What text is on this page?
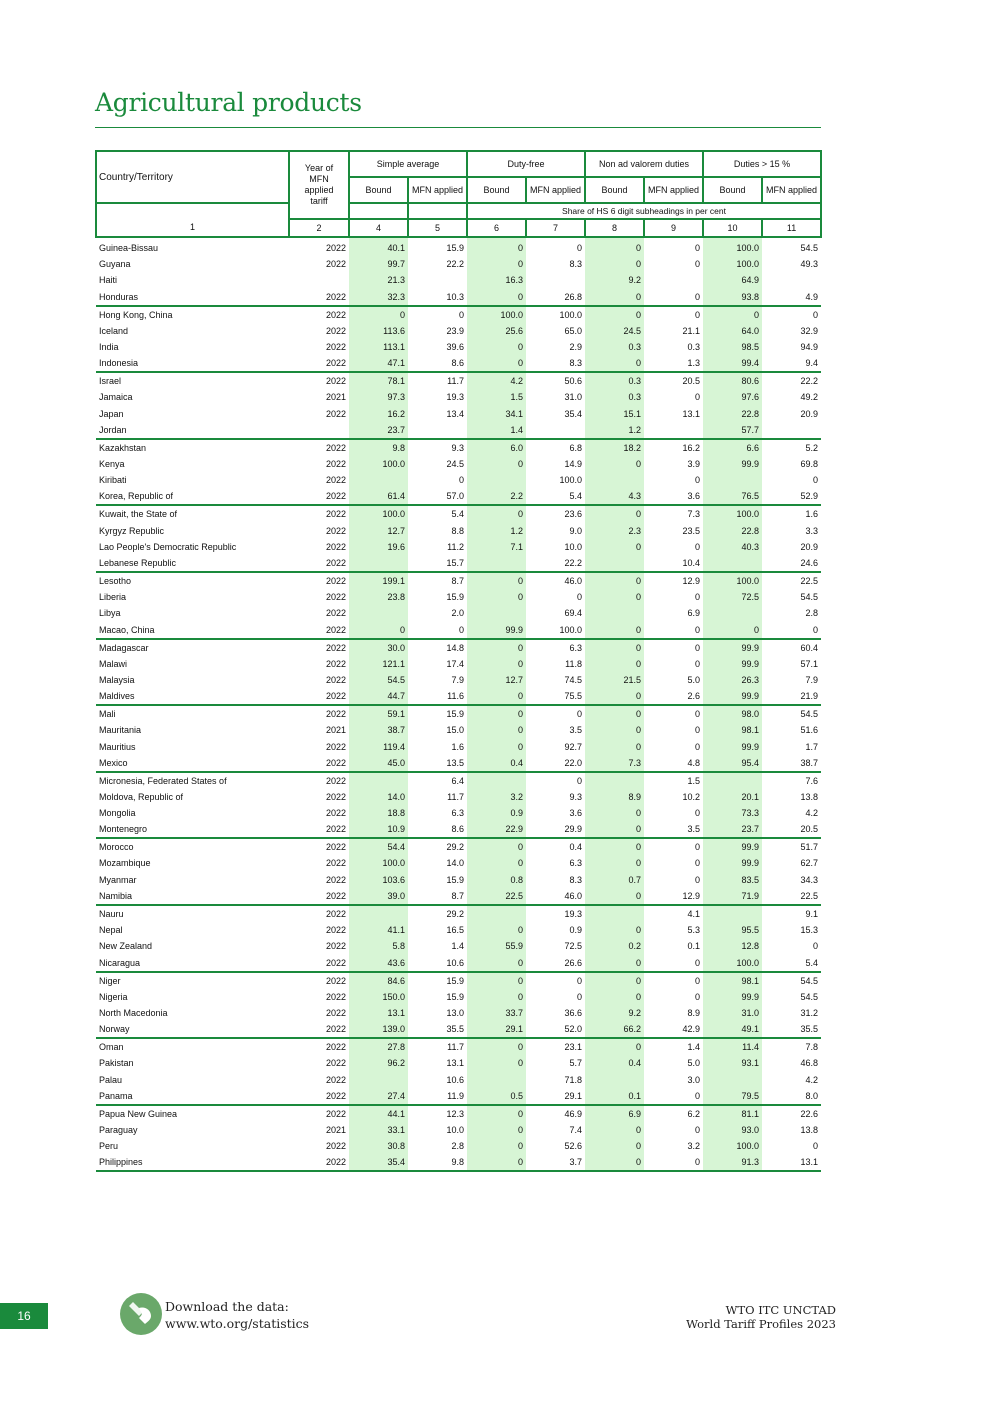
Agricultural products
Country/Territory	Year of MFN applied tariff	Simple average		Duty-free		Non ad valorem duties		Duties > 15 %	
		Bound	MFN applied	Bound	MFN applied	Bound	MFN applied	Bound	MFN applied
				Share of HS 6 digit subheadings in per cent					
1	2	4	5	6	7	8	9	10	11
Guinea-Bissau	2022	40.1	15.9	0	0	0	0	100.0	54.5
Guyana	2022	99.7	22.2	0	8.3	0	0	100.0	49.3
Haiti		21.3		16.3		9.2		64.9	
Honduras	2022	32.3	10.3	0	26.8	0	0	93.8	4.9
Hong Kong, China	2022	0	0	100.0	100.0	0	0	0	0
Iceland	2022	113.6	23.9	25.6	65.0	24.5	21.1	64.0	32.9
India	2022	113.1	39.6	0	2.9	0.3	0.3	98.5	94.9
Indonesia	2022	47.1	8.6	0	8.3	0	1.3	99.4	9.4
Israel	2022	78.1	11.7	4.2	50.6	0.3	20.5	80.6	22.2
Jamaica	2021	97.3	19.3	1.5	31.0	0.3	0	97.6	49.2
Japan	2022	16.2	13.4	34.1	35.4	15.1	13.1	22.8	20.9
Jordan		23.7		1.4		1.2		57.7	
Kazakhstan	2022	9.8	9.3	6.0	6.8	18.2	16.2	6.6	5.2
Kenya	2022	100.0	24.5	0	14.9	0	3.9	99.9	69.8
Kiribati	2022		0		100.0		0		0
Korea, Republic of	2022	61.4	57.0	2.2	5.4	4.3	3.6	76.5	52.9
Kuwait, the State of	2022	100.0	5.4	0	23.6	0	7.3	100.0	1.6
Kyrgyz Republic	2022	12.7	8.8	1.2	9.0	2.3	23.5	22.8	3.3
Lao People's Democratic Republic	2022	19.6	11.2	7.1	10.0	0	0	40.3	20.9
Lebanese Republic	2022		15.7		22.2		10.4		24.6
Lesotho	2022	199.1	8.7	0	46.0	0	12.9	100.0	22.5
Liberia	2022	23.8	15.9	0	0	0	0	72.5	54.5
Libya	2022		2.0		69.4		6.9		2.8
Macao, China	2022	0	0	99.9	100.0	0	0	0	0
Madagascar	2022	30.0	14.8	0	6.3	0	0	99.9	60.4
Malawi	2022	121.1	17.4	0	11.8	0	0	99.9	57.1
Malaysia	2022	54.5	7.9	12.7	74.5	21.5	5.0	26.3	7.9
Maldives	2022	44.7	11.6	0	75.5	0	2.6	99.9	21.9
Mali	2022	59.1	15.9	0	0	0	0	98.0	54.5
Mauritania	2021	38.7	15.0	0	3.5	0	0	98.1	51.6
Mauritius	2022	119.4	1.6	0	92.7	0	0	99.9	1.7
Mexico	2022	45.0	13.5	0.4	22.0	7.3	4.8	95.4	38.7
Micronesia, Federated States of	2022		6.4		0		1.5		7.6
Moldova, Republic of	2022	14.0	11.7	3.2	9.3	8.9	10.2	20.1	13.8
Mongolia	2022	18.8	6.3	0.9	3.6	0	0	73.3	4.2
Montenegro	2022	10.9	8.6	22.9	29.9	0	3.5	23.7	20.5
Morocco	2022	54.4	29.2	0	0.4	0	0	99.9	51.7
Mozambique	2022	100.0	14.0	0	6.3	0	0	99.9	62.7
Myanmar	2022	103.6	15.9	0.8	8.3	0.7	0	83.5	34.3
Namibia	2022	39.0	8.7	22.5	46.0	0	12.9	71.9	22.5
Nauru	2022		29.2		19.3		4.1		9.1
Nepal	2022	41.1	16.5	0	0.9	0	5.3	95.5	15.3
New Zealand	2022	5.8	1.4	55.9	72.5	0.2	0.1	12.8	0
Nicaragua	2022	43.6	10.6	0	26.6	0	0	100.0	5.4
Niger	2022	84.6	15.9	0	0	0	0	98.1	54.5
Nigeria	2022	150.0	15.9	0	0	0	0	99.9	54.5
North Macedonia	2022	13.1	13.0	33.7	36.6	9.2	8.9	31.0	31.2
Norway	2022	139.0	35.5	29.1	52.0	66.2	42.9	49.1	35.5
Oman	2022	27.8	11.7	0	23.1	0	1.4	11.4	7.8
Pakistan	2022	96.2	13.1	0	5.7	0.4	5.0	93.1	46.8
Palau	2022		10.6		71.8		3.0		4.2
Panama	2022	27.4	11.9	0.5	29.1	0.1	0	79.5	8.0
Papua New Guinea	2022	44.1	12.3	0	46.9	6.9	6.2	81.1	22.6
Paraguay	2021	33.1	10.0	0	7.4	0	0	93.0	13.8
Peru	2022	30.8	2.8	0	52.6	0	3.2	100.0	0
Philippines	2022	35.4	9.8	0	3.7	0	0	91.3	13.1
16
Download the data:
www.wto.org/statistics
WTO ITC UNCTAD
World Tariff Profiles 2023
